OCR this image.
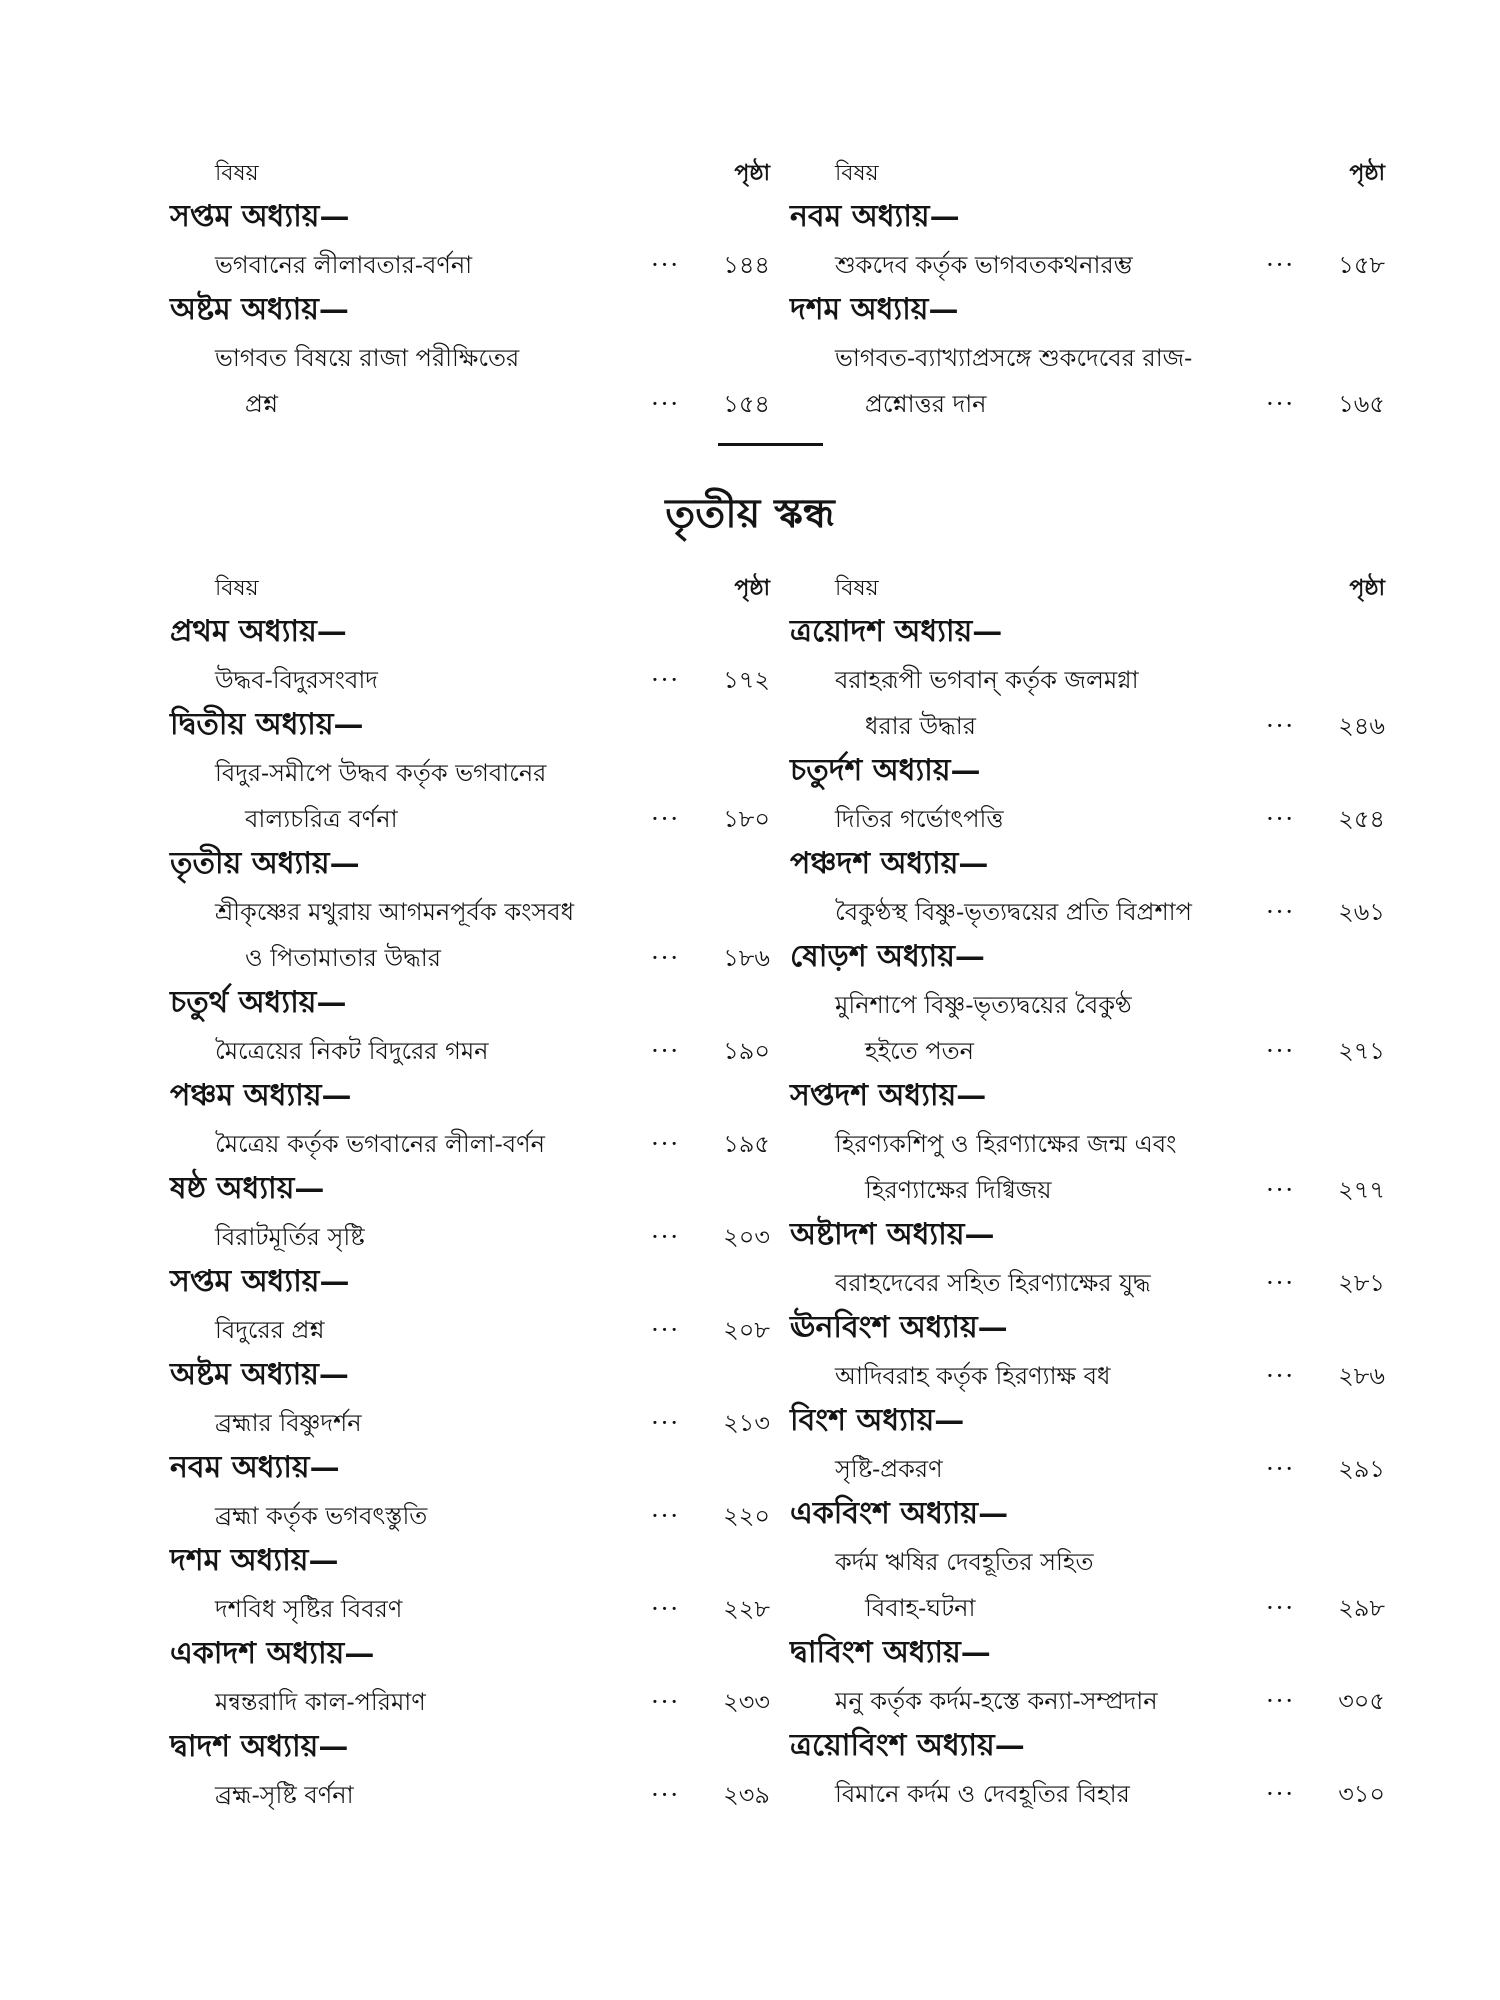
বিষয়	পৃষ্ঠা
সপ্তম অধ্যায়—
ভগবানের লীলাবতার-বর্ণনা	···	১৪৪
অষ্টম অধ্যায়—
ভাগবত বিষয়ে রাজা পরীক্ষিতের
প্রশ্ন	···	১৫৪
বিষয়	পৃষ্ঠা
নবম অধ্যায়—
শুকদেব কর্তৃক ভাগবতকথনারম্ভ	···	১৫৮
দশম অধ্যায়—
ভাগবত-ব্যাখ্যাপ্রসঙ্গে শুকদেবের রাজ-
প্রশ্নোত্তর দান	···	১৬৫
তৃতীয় স্কন্ধ
বিষয়	পৃষ্ঠা
প্রথম অধ্যায়—
উদ্ধব-বিদুরসংবাদ	···	১৭২
দ্বিতীয় অধ্যায়—
বিদুর-সমীপে উদ্ধব কর্তৃক ভগবানের
বাল্যচরিত্র বর্ণনা	···	১৮০
তৃতীয় অধ্যায়—
শ্রীকৃষ্ণের মথুরায় আগমনপূর্বক কংসবধ
ও পিতামাতার উদ্ধার	···	১৮৬
চতুর্থ অধ্যায়—
মৈত্রেয়ের নিকট বিদুরের গমন	···	১৯০
পঞ্চম অধ্যায়—
মৈত্রেয় কর্তৃক ভগবানের লীলা-বর্ণন	···	১৯৫
ষষ্ঠ অধ্যায়—
বিরাটমূর্তির সৃষ্টি	···	২০৩
সপ্তম অধ্যায়—
বিদুরের প্রশ্ন	···	২০৮
অষ্টম অধ্যায়—
ব্রহ্মার বিষ্ণুদর্শন	···	২১৩
নবম অধ্যায়—
ব্রহ্মা কর্তৃক ভগবৎস্তুতি	···	২২০
দশম অধ্যায়—
দশবিধ সৃষ্টির বিবরণ	···	২২৮
একাদশ অধ্যায়—
মন্বন্তরাদি কাল-পরিমাণ	···	২৩৩
দ্বাদশ অধ্যায়—
ব্রহ্ম-সৃষ্টি বর্ণনা	···	২৩৯
বিষয়	পৃষ্ঠা
ত্রয়োদশ অধ্যায়—
বরাহরূপী ভগবান্ কর্তৃক জলমগ্না
ধরার উদ্ধার	···	২৪৬
চতুর্দশ অধ্যায়—
দিতির গর্ভোৎপত্তি	···	২৫৪
পঞ্চদশ অধ্যায়—
বৈকুণ্ঠস্থ বিষ্ণু-ভৃত্যদ্বয়ের প্রতি বিপ্রশাপ	···	২৬১
ষোড়শ অধ্যায়—
মুনিশাপে বিষ্ণু-ভৃত্যদ্বয়ের বৈকুণ্ঠ
হইতে পতন	···	২৭১
সপ্তদশ অধ্যায়—
হিরণ্যকশিপু ও হিরণ্যাক্ষের জন্ম এবং
হিরণ্যাক্ষের দিগ্বিজয়	···	২৭৭
অষ্টাদশ অধ্যায়—
বরাহদেবের সহিত হিরণ্যাক্ষের যুদ্ধ	···	২৮১
ঊনবিংশ অধ্যায়—
আদিবরাহ কর্তৃক হিরণ্যাক্ষ বধ	···	২৮৬
বিংশ অধ্যায়—
সৃষ্টি-প্রকরণ	···	২৯১
একবিংশ অধ্যায়—
কর্দম ঋষির দেবহূতির সহিত
বিবাহ-ঘটনা	···	২৯৮
দ্বাবিংশ অধ্যায়—
মনু কর্তৃক কর্দম-হস্তে কন্যা-সম্প্রদান	···	৩০৫
ত্রয়োবিংশ অধ্যায়—
বিমানে কর্দম ও দেবহূতির বিহার	···	৩১০
